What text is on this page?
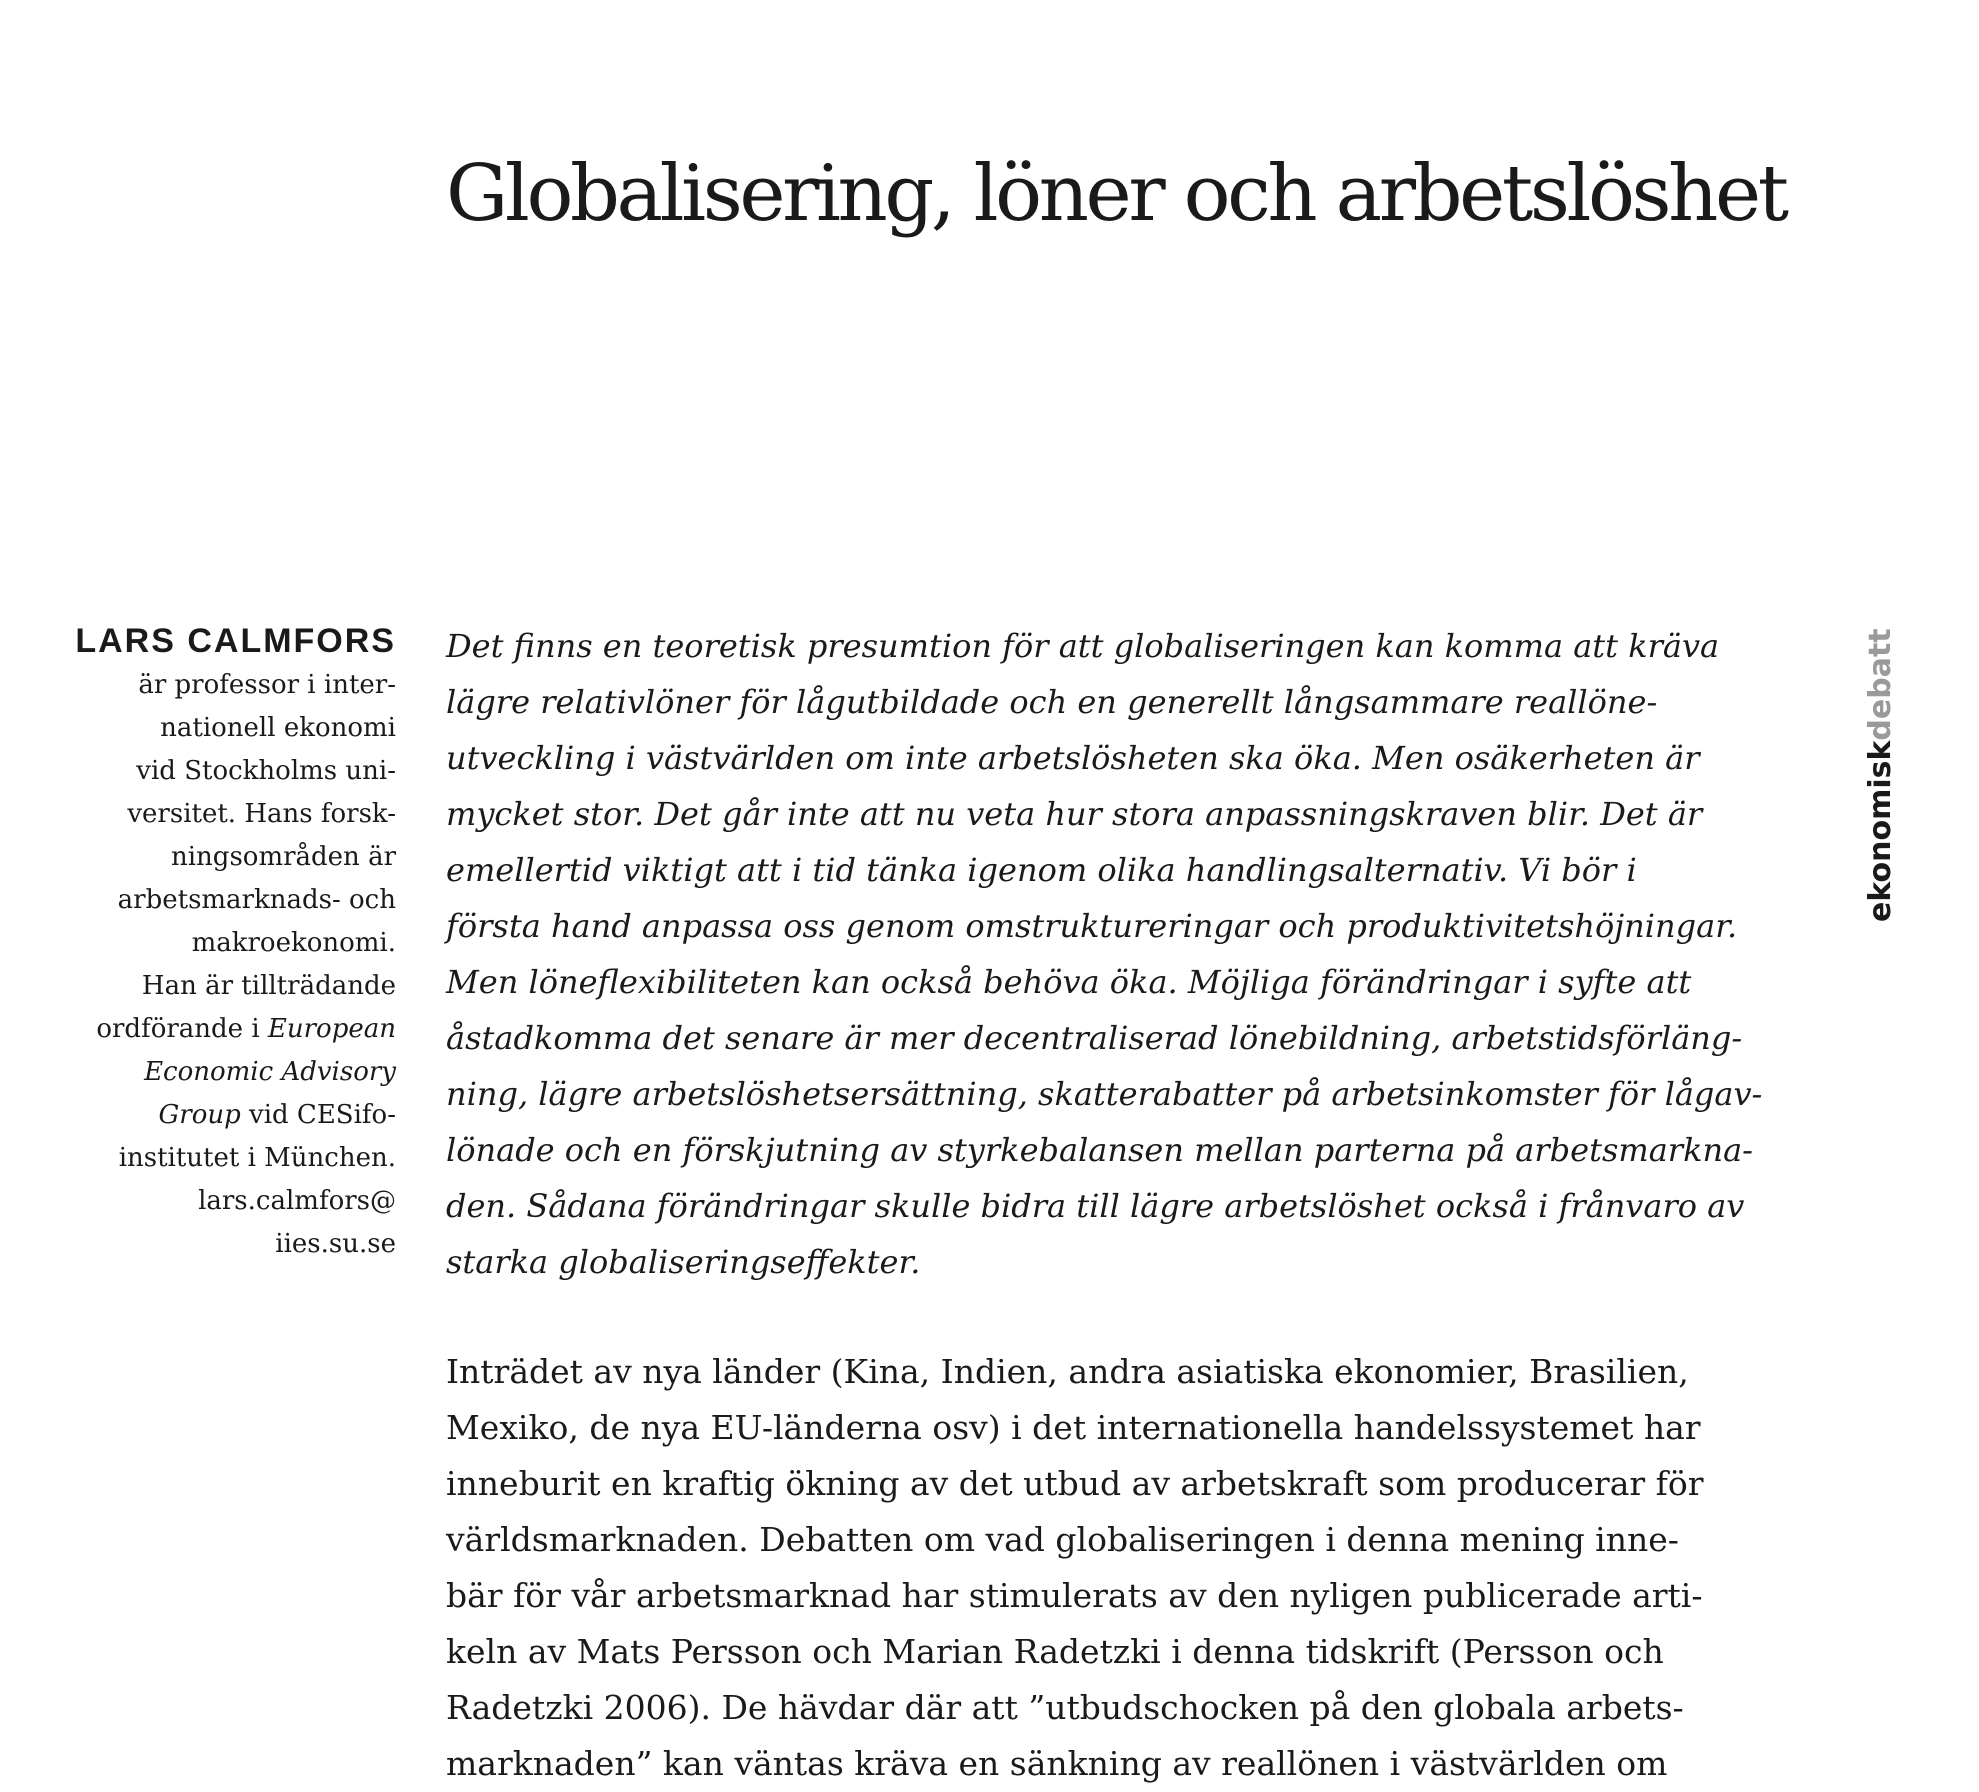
Globalisering, löner och arbetslöshet
LARS CALMFORS
är professor i inter-
nationell ekonomi
vid Stockholms uni-
versitet. Hans forsk-
ningsområden är
arbetsmarknads- och
makroekonomi.
Han är tillträdande
ordförande i European
Economic Advisory
Group vid CESifo-
institutet i München.
lars.calmfors@
iies.su.se
Det finns en teoretisk presumtion för att globaliseringen kan komma att kräva
lägre relativlöner för lågutbildade och en generellt långsammare reallöne-
utveckling i västvärlden om inte arbetslösheten ska öka. Men osäkerheten är
mycket stor. Det går inte att nu veta hur stora anpassningskraven blir. Det är
emellertid viktigt att i tid tänka igenom olika handlingsalternativ. Vi bör i
första hand anpassa oss genom omstruktureringar och produktivitetshöjningar.
Men löneflexibiliteten kan också behöva öka. Möjliga förändringar i syfte att
åstadkomma det senare är mer decentraliserad lönebildning, arbetstidsförläng-
ning, lägre arbetslöshetsersättning, skatterabatter på arbetsinkomster för lågav-
lönade och en förskjutning av styrkebalansen mellan parterna på arbetsmarkna-
den. Sådana förändringar skulle bidra till lägre arbetslöshet också i frånvaro av
starka globaliseringseffekter.
Inträdet av nya länder (Kina, Indien, andra asiatiska ekonomier, Brasilien,
Mexiko, de nya EU-länderna osv) i det internationella handelssystemet har
inneburit en kraftig ökning av det utbud av arbetskraft som producerar för
världsmarknaden. Debatten om vad globaliseringen i denna mening inne-
bär för vår arbetsmarknad har stimulerats av den nyligen publicerade arti-
keln av Mats Persson och Marian Radetzki i denna tidskrift (Persson och
Radetzki 2006). De hävdar där att ”utbudschocken på den globala arbets-
marknaden” kan väntas kräva en sänkning av reallönen i västvärlden om
ekonomiskdebatt
